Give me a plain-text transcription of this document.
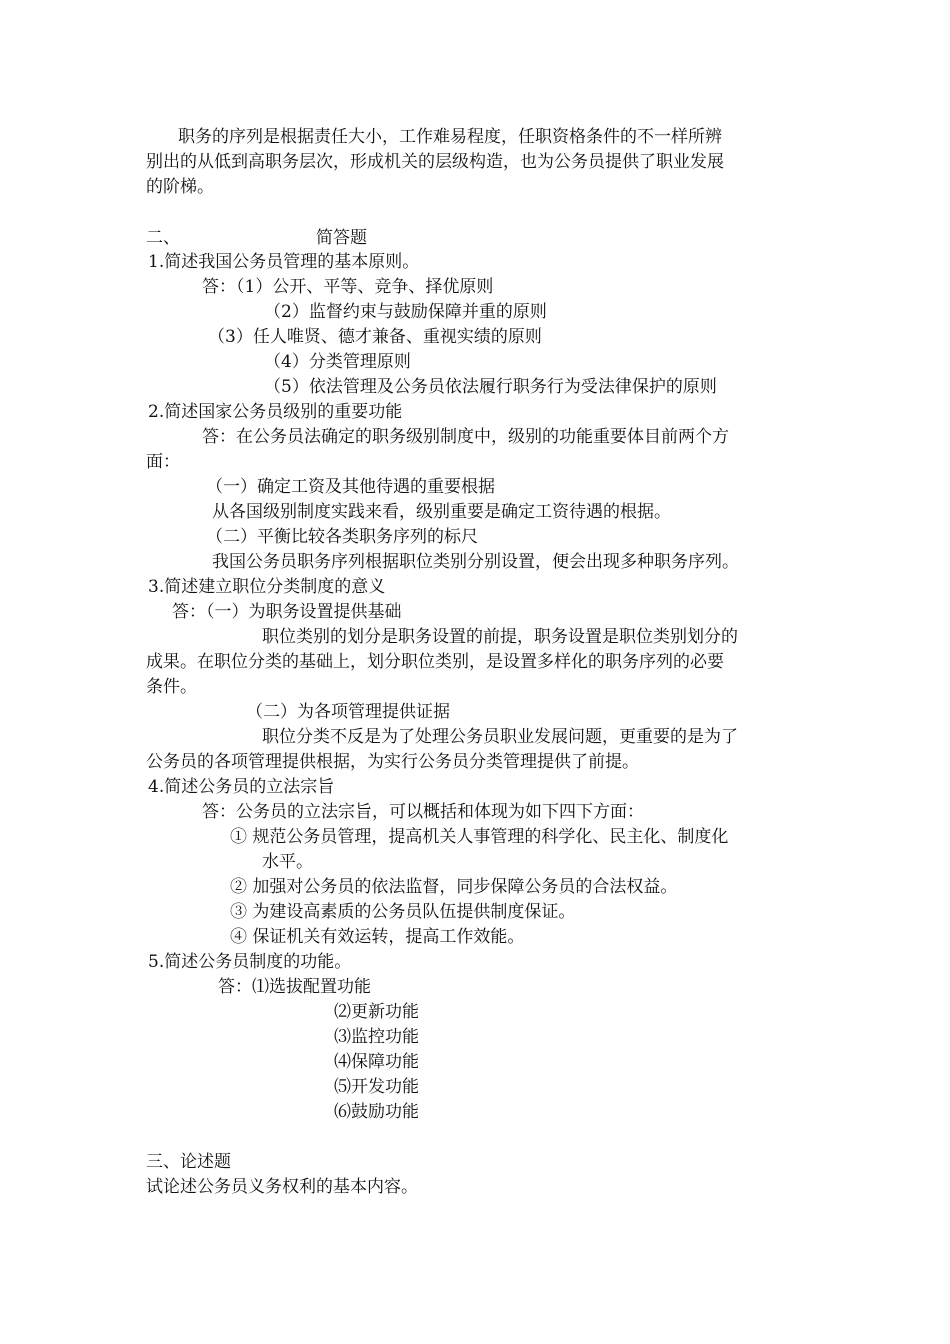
职务的序列是根据责任大小，工作难易程度，任职资格条件的不一样所辨
别出的从低到高职务层次，形成机关的层级构造，也为公务员提供了职业发展
的阶梯。
二、	简答题
1.简述我国公务员管理的基本原则。
答：（1）公开、平等、竞争、择优原则
（2）监督约束与鼓励保障并重的原则
（3）任人唯贤、德才兼备、重视实绩的原则
（4）分类管理原则
（5）依法管理及公务员依法履行职务行为受法律保护的原则
2.简述国家公务员级别的重要功能
答：在公务员法确定的职务级别制度中，级别的功能重要体目前两个方
面：
（一）确定工资及其他待遇的重要根据
从各国级别制度实践来看，级别重要是确定工资待遇的根据。
（二）平衡比较各类职务序列的标尺
我国公务员职务序列根据职位类别分别设置，便会出现多种职务序列。
3.简述建立职位分类制度的意义
答：（一）为职务设置提供基础
职位类别的划分是职务设置的前提，职务设置是职位类别划分的
成果。在职位分类的基础上，划分职位类别，是设置多样化的职务序列的必要
条件。
（二）为各项管理提供证据
职位分类不反是为了处理公务员职业发展问题，更重要的是为了
公务员的各项管理提供根据，为实行公务员分类管理提供了前提。
4.简述公务员的立法宗旨
答：公务员的立法宗旨，可以概括和体现为如下四下方面：
① 规范公务员管理，提高机关人事管理的科学化、民主化、制度化
水平。
② 加强对公务员的依法监督，同步保障公务员的合法权益。
③ 为建设高素质的公务员队伍提供制度保证。
④ 保证机关有效运转，提高工作效能。
5.简述公务员制度的功能。
答：⑴选拔配置功能
⑵更新功能
⑶监控功能
⑷保障功能
⑸开发功能
⑹鼓励功能
三、论述题
试论述公务员义务权利的基本内容。
